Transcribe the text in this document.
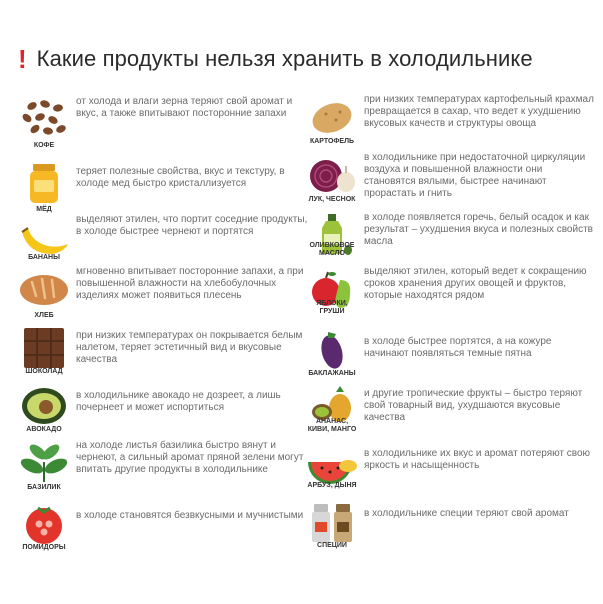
! Какие продукты нельзя хранить в холодильнике
КОФЕ
от холода и влаги зерна теряют свой аромат и вкус, а также впитывают посторонние запахи
МЁД
теряет полезные свойства, вкус и текстуру, в холоде мед быстро кристаллизуется
БАНАНЫ
выделяют этилен, что портит соседние продукты, в холоде быстрее чернеют и портятся
ХЛЕБ
мгновенно впитывает посторонние запахи, а при повышенной влажности на хлебобулочных изделиях может появиться плесень
ШОКОЛАД
при низких температурах он покрывается белым налетом, теряет эстетичный вид и вкусовые качества
АВОКАДО
в холодильнике авокадо не дозреет, а лишь почернеет и может испортиться
БАЗИЛИК
на холоде листья базилика быстро вянут и чернеют, а сильный аромат пряной зелени могут впитать другие продукты в холодильнике
ПОМИДОРЫ
в холоде становятся безвкусными и мучнистыми
КАРТОФЕЛЬ
при низких температурах картофельный крахмал превращается в сахар, что ведет к ухудшению вкусовых качеств и структуры овоща
ЛУК, ЧЕСНОК
в холодильнике при недостаточной циркуляции воздуха и повышенной влажности они становятся вялыми, быстрее начинают прорастать и гнить
ОЛИВКОВОЕ МАСЛО
в холоде появляется горечь, белый осадок и как результат – ухудшения вкуса и полезных свойств масла
ЯБЛОКИ, ГРУШИ
выделяют этилен, который ведет к сокращению сроков хранения других овощей и фруктов, которые находятся рядом
БАКЛАЖАНЫ
в холоде быстрее портятся, а на кожуре начинают появляться темные пятна
АНАНАС, КИВИ, МАНГО
и другие тропические фрукты – быстро теряют свой товарный вид, ухудшаются вкусовые качества
АРБУЗ, ДЫНЯ
в холодильнике их вкус и аромат потеряют свою яркость и насыщенность
СПЕЦИИ
в холодильнике специи теряют свой аромат
